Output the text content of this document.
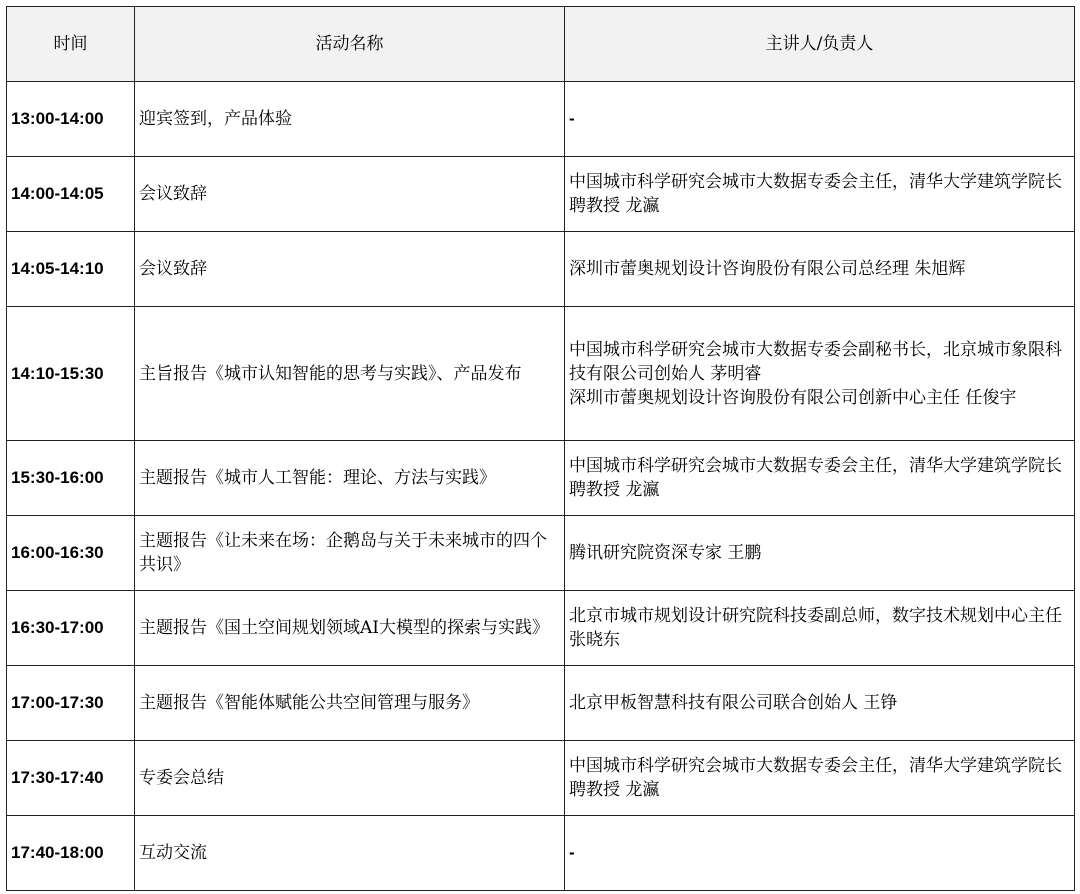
时间	活动名称	主讲人/负责人
13:00-14:00	迎宾签到，产品体验	-

14:00-14:05	会议致辞	中国城市科学研究会城市大数据专委会主任，清华大学建筑学院长聘教授 龙瀛

14:05-14:10	会议致辞	深圳市蕾奥规划设计咨询股份有限公司总经理 朱旭辉

14:10-15:30	主旨报告《城市认知智能的思考与实践》、产品发布	中国城市科学研究会城市大数据专委会副秘书长，北京城市象限科技有限公司创始人 茅明睿
深圳市蕾奥规划设计咨询股份有限公司创新中心主任 任俊宇

15:30-16:00	主题报告《城市人工智能：理论、方法与实践》	中国城市科学研究会城市大数据专委会主任，清华大学建筑学院长聘教授 龙瀛

16:00-16:30	主题报告《让未来在场：企鹅岛与关于未来城市的四个共识》	腾讯研究院资深专家 王鹏

16:30-17:00	主题报告《国土空间规划领域AI大模型的探索与实践》	北京市城市规划设计研究院科技委副总师，数字技术规划中心主任 张晓东

17:00-17:30	主题报告《智能体赋能公共空间管理与服务》	北京甲板智慧科技有限公司联合创始人 王铮

17:30-17:40	专委会总结	中国城市科学研究会城市大数据专委会主任，清华大学建筑学院长聘教授 龙瀛

17:40-18:00	互动交流	-
